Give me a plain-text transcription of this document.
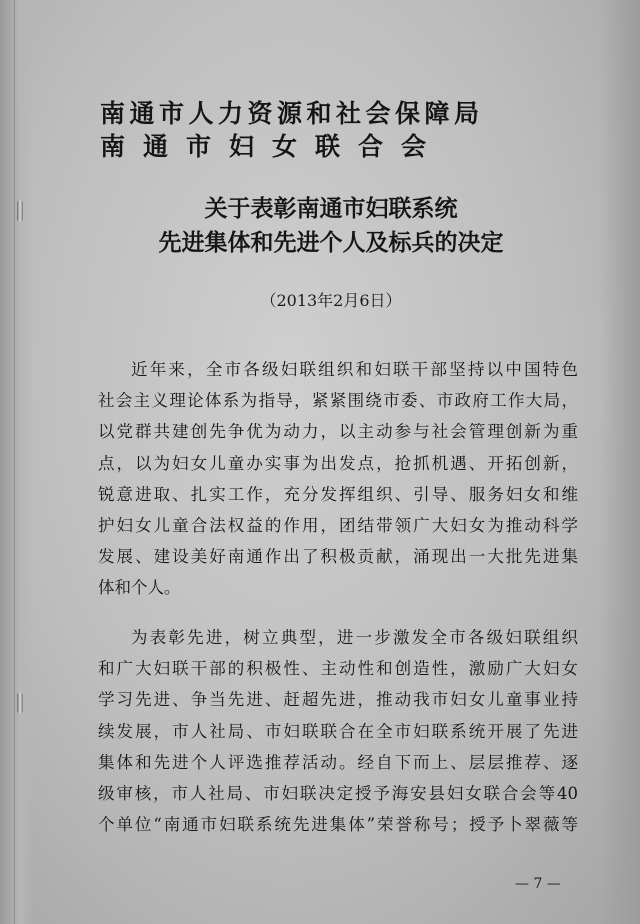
南通市人力资源和社会保障局
南通市妇女联合会
关于表彰南通市妇联系统
先进集体和先进个人及标兵的决定
（2013年2月6日）
近年来，全市各级妇联组织和妇联干部坚持以中国特色
社会主义理论体系为指导，紧紧围绕市委、市政府工作大局，
以党群共建创先争优为动力，以主动参与社会管理创新为重
点，以为妇女儿童办实事为出发点，抢抓机遇、开拓创新，
锐意进取、扎实工作，充分发挥组织、引导、服务妇女和维
护妇女儿童合法权益的作用，团结带领广大妇女为推动科学
发展、建设美好南通作出了积极贡献，涌现出一大批先进集
体和个人。
为表彰先进，树立典型，进一步激发全市各级妇联组织
和广大妇联干部的积极性、主动性和创造性，激励广大妇女
学习先进、争当先进、赶超先进，推动我市妇女儿童事业持
续发展，市人社局、市妇联联合在全市妇联系统开展了先进
集体和先进个人评选推荐活动。经自下而上、层层推荐、逐
级审核，市人社局、市妇联决定授予海安县妇女联合会等40
个单位“南通市妇联系统先进集体”荣誉称号；授予卜翠薇等
— 7 —
